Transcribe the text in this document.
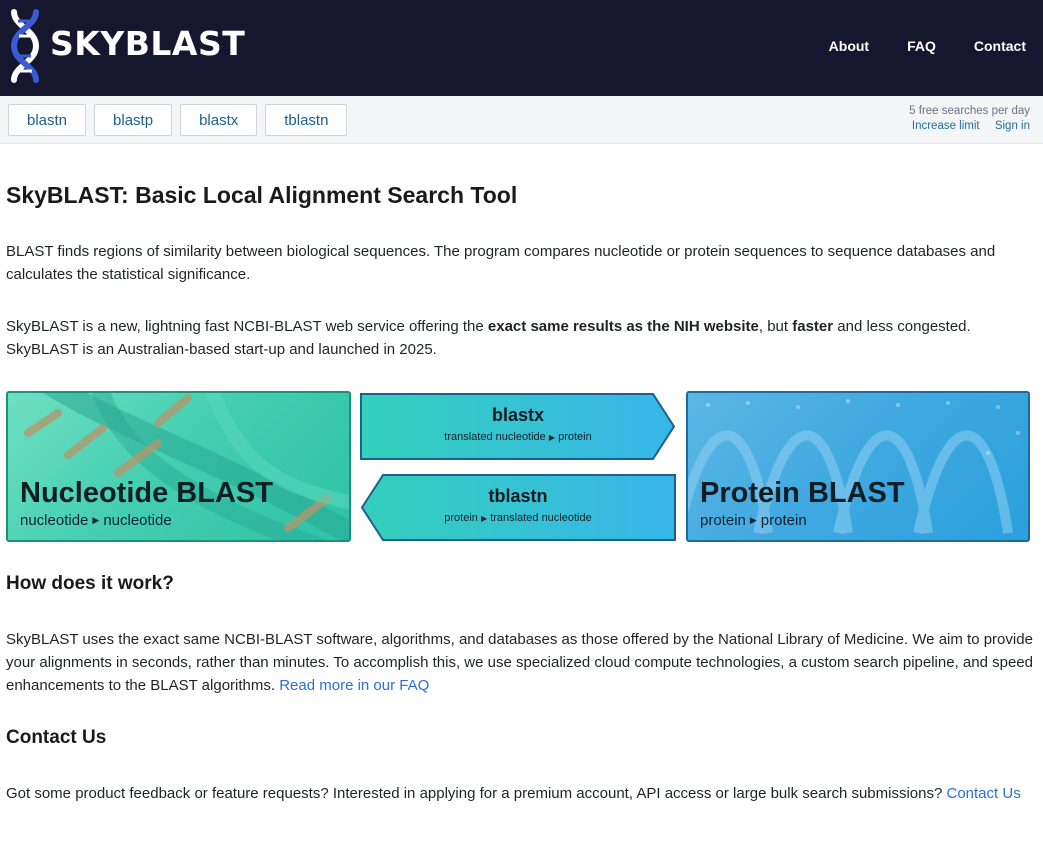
SKYBLAST	About	FAQ	Contact
blastn	blastp	blastx	tblastn
5 free searches per day
Increase limit Sign in
SkyBLAST: Basic Local Alignment Search Tool

BLAST finds regions of similarity between biological sequences. The program compares nucleotide or protein sequences to sequence databases and calculates the statistical significance.

SkyBLAST is a new, lightning fast NCBI-BLAST web service offering the exact same results as the NIH website, but faster and less congested. SkyBLAST is an Australian-based start-up and launched in 2025.

Nucleotide BLAST
nucleotide ▶ nucleotide
blastx
translated nucleotide ▶ protein
tblastn
protein ▶ translated nucleotide
Protein BLAST
protein ▶ protein
How does it work?

SkyBLAST uses the exact same NCBI-BLAST software, algorithms, and databases as those offered by the National Library of Medicine. We aim to provide your alignments in seconds, rather than minutes. To accomplish this, we use specialized cloud compute technologies, a custom search pipeline, and speed enhancements to the BLAST algorithms. Read more in our FAQ

Contact Us

Got some product feedback or feature requests? Interested in applying for a premium account, API access or large bulk search submissions? Contact Us
